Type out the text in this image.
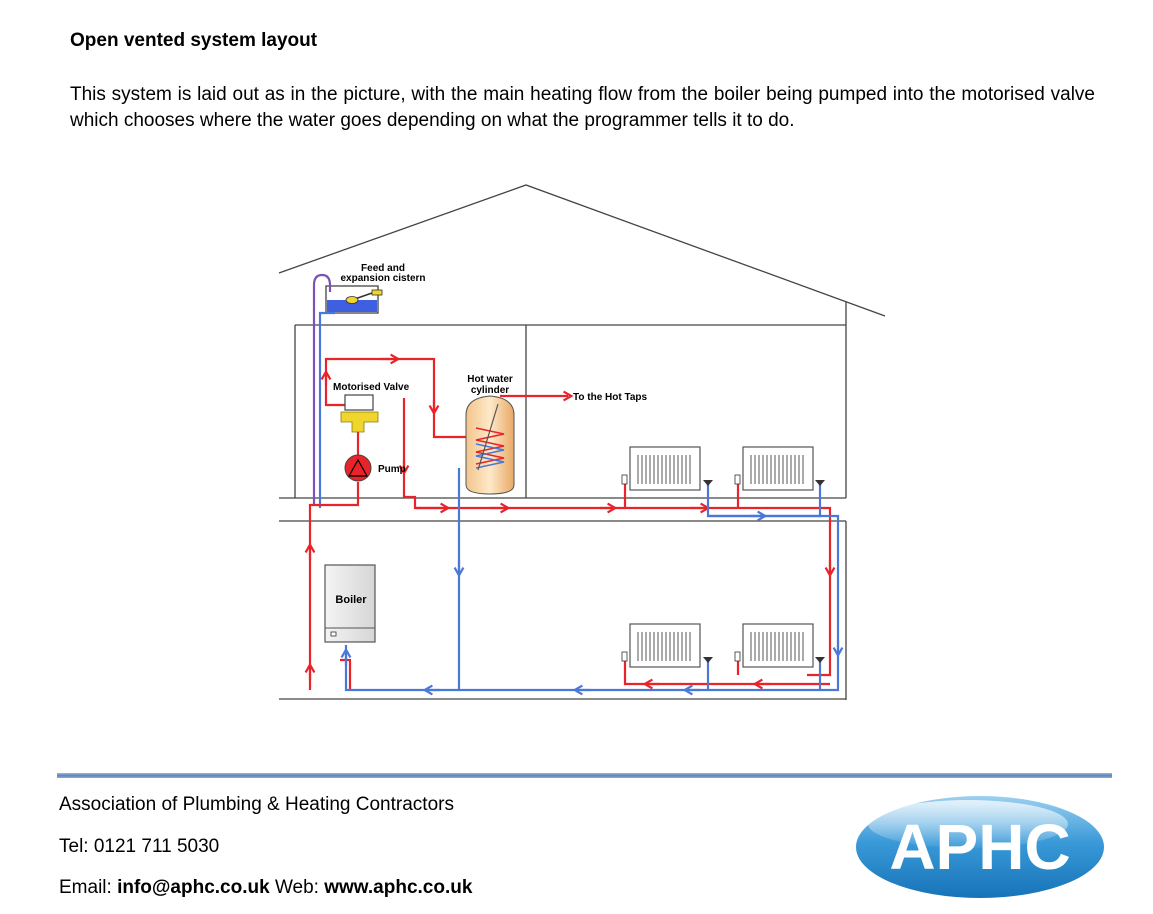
Open vented system layout

This system is laid out as in the picture, with the main heating flow from the boiler being pumped into the motorised valve which chooses where the water goes depending on what the programmer tells it to do.

Feed and
expansion cistern
Motorised Valve
Pump
Hot water
cylinder
To the Hot Taps
Boiler

Association of Plumbing & Heating Contractors

Tel: 0121 711 5030

Email: info@aphc.co.uk Web: www.aphc.co.uk

APHC
